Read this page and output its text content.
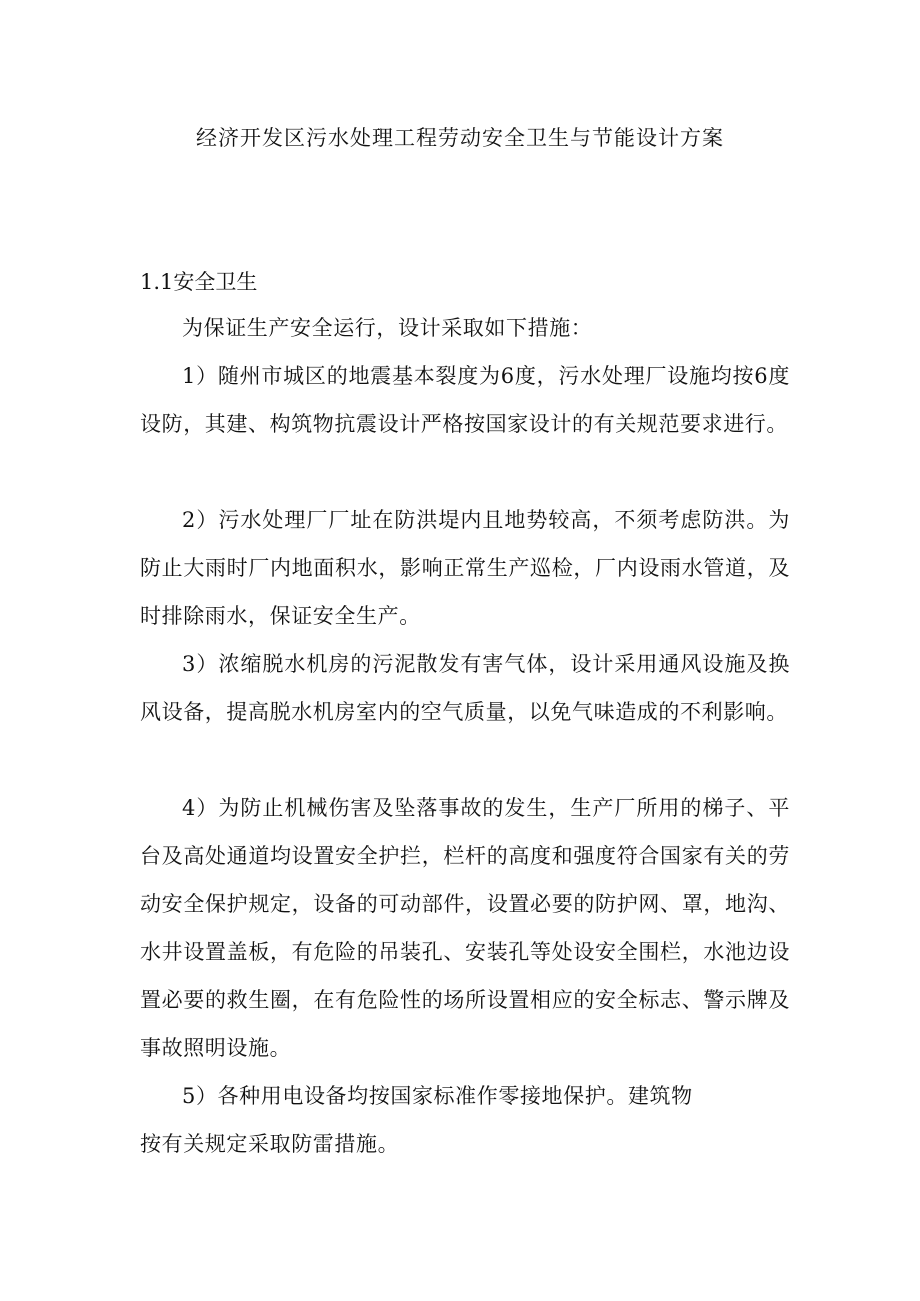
经济开发区污水处理工程劳动安全卫生与节能设计方案
1.1安全卫生

为保证生产安全运行，设计采取如下措施：

1）随州市城区的地震基本裂度为6度，污水处理厂设施均按6度设防，其建、构筑物抗震设计严格按国家设计的有关规范要求进行。

2）污水处理厂厂址在防洪堤内且地势较高，不须考虑防洪。为防止大雨时厂内地面积水，影响正常生产巡检，厂内设雨水管道，及时排除雨水，保证安全生产。

3）浓缩脱水机房的污泥散发有害气体，设计采用通风设施及换风设备，提高脱水机房室内的空气质量，以免气味造成的不利影响。

4）为防止机械伤害及坠落事故的发生，生产厂所用的梯子、平台及高处通道均设置安全护拦，栏杆的高度和强度符合国家有关的劳动安全保护规定，设备的可动部件，设置必要的防护网、罩，地沟、水井设置盖板，有危险的吊装孔、安装孔等处设安全围栏，水池边设置必要的救生圈，在有危险性的场所设置相应的安全标志、警示牌及事故照明设施。

5）各种用电设备均按国家标准作零接地保护。建筑物

按有关规定采取防雷措施。
